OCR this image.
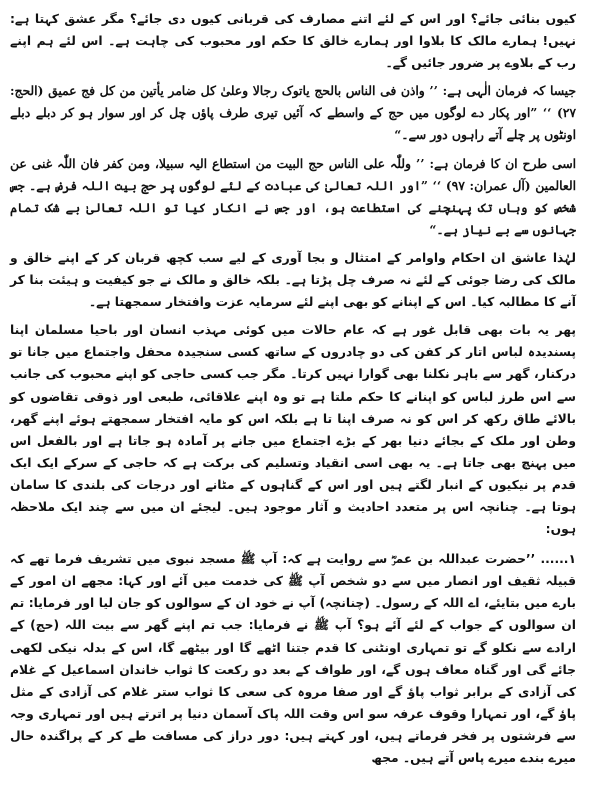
کیوں بنائی جائے؟ اور اس کے لئے اتنے مصارف کی قربانی کیوں دی جائے؟ مگر عشق کہتا ہے: نہیں! ہمارے مالک کا بلاوا اور ہمارے خالق کا حکم اور محبوب کی چاہت ہے۔ اس لئے ہم اپنے رب کے بلاوے پر ضرور جائیں گے۔

جیسا کہ فرمان الٰہی ہے: ’’ واذن فی الناس بالحج یاتوک رجالا وعلیٰ کل ضامر یأتین من کل فج عمیق (الحج: ۲۷) ‘‘ ”اور پکار دے لوگوں میں حج کے واسطے کہ آئیں تیری طرف پاؤں چل کر اور سوار ہو کر دبلے دبلے اونٹوں پر چلے آتے راہوں دور سے۔“

اسی طرح ان کا فرمان ہے: ’’ وللّٰہ علی الناس حج البیت من استطاع الیہ سبیلا، ومن کفر فان اللّٰہ غنی عن العالمین (آل عمران: ۹۷) ‘‘ ”اور اللہ تعالیٰ کی عبادت کے لئے لوگوں پر حج بیت اللہ فرض ہے۔ جس شخص کو وہاں تک پہنچنے کی استطاعت ہو، اور جس نے انکار کیا تو اللہ تعالیٰ بے شک تمام جہانوں سے بے نیاز ہے۔“

لہٰذا عاشق ان احکام واوامر کے امتثال و بجا آوری کے لیے سب کچھ قربان کر کے اپنے خالق و مالک کی رضا جوئی کے لئے نہ صرف چل پڑتا ہے۔ بلکہ خالق و مالک نے جو کیفیت و ہیئت بنا کر آنے کا مطالبہ کیا۔ اس کے اپنانے کو بھی اپنے لئے سرمایہ عزت وافتخار سمجھتا ہے۔

پھر یہ بات بھی قابل غور ہے کہ عام حالات میں کوئی مہذب انسان اور باحیا مسلمان اپنا پسندیدہ لباس اتار کر کفن کی دو چادروں کے ساتھ کسی سنجیدہ محفل واجتماع میں جانا تو درکنار، گھر سے باہر نکلنا بھی گوارا نہیں کرتا۔ مگر جب کسی حاجی کو اپنے محبوب کی جانب سے اس طرز لباس کو اپنانے کا حکم ملتا ہے تو وہ اپنے علاقائی، طبعی اور ذوقی تقاضوں کو بالائے طاق رکھ کر اس کو نہ صرف اپنا تا ہے بلکہ اس کو مایہ افتخار سمجھتے ہوئے اپنے گھر، وطن اور ملک کے بجائے دنیا بھر کے بڑے اجتماع میں جانے پر آمادہ ہو جاتا ہے اور بالفعل اس میں پہنچ بھی جاتا ہے۔ یہ بھی اسی انقیاد وتسلیم کی برکت ہے کہ حاجی کے سرکے ایک ایک قدم پر نیکیوں کے انبار لگتے ہیں اور اس کے گناہوں کے مٹانے اور درجات کی بلندی کا سامان ہوتا ہے۔ چنانچہ اس پر متعدد احادیث و آثار موجود ہیں۔ لیجئے ان میں سے چند ایک ملاحظہ ہوں:

۱...... ’’حضرت عبداللہ بن عمرؓ سے روایت ہے کہ: آپ ﷺ مسجد نبوی میں تشریف فرما تھے کہ قبیلہ ثقیف اور انصار میں سے دو شخص آپ ﷺ کی خدمت میں آئے اور کہا: مجھے ان امور کے بارے میں بتایئے، اے اللہ کے رسول۔ (چنانچہ) آپ نے خود ان کے سوالوں کو جان لیا اور فرمایا: تم ان سوالوں کے جواب کے لئے آئے ہو؟ آپ ﷺ نے فرمایا: جب تم اپنے گھر سے بیت اللہ (حج) کے ارادے سے نکلو گے تو تمہاری اونٹنی کا قدم جتنا اٹھے گا اور بیٹھے گا، اس کے بدلہ نیکی لکھی جائے گی اور گناہ معاف ہوں گے، اور طواف کے بعد دو رکعت کا ثواب خاندان اسماعیل کے غلام کی آزادی کے برابر ثواب پاؤ گے اور صفا مروہ کی سعی کا ثواب ستر غلام کی آزادی کے مثل پاؤ گے، اور تمہارا وقوف عرفہ سو اس وقت اللہ پاک آسمان دنیا پر اترتے ہیں اور تمہاری وجہ سے فرشتوں پر فخر فرماتے ہیں، اور کہتے ہیں: دور دراز کی مسافت طے کر کے پراگندہ حال میرے بندے میرے پاس آتے ہیں۔ مجھ
